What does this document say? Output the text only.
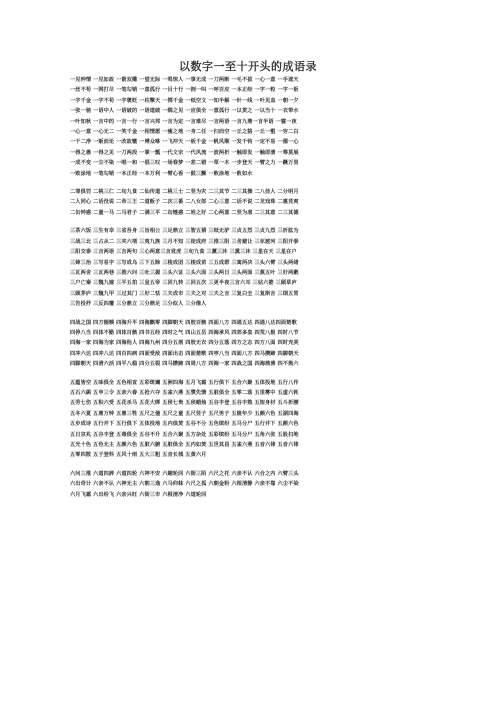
以数字一至十开头的成语录
一见钟情 一见如故 一箭双雕 一望无际 一鸣惊人 一事无成 一刀两断 一毛不拔 一心一意 一手遮天
一丝不苟 一网打尽 一笔勾销 一意孤行 一目十行 一拥一叫 一呼百应 一本正经 一字一粒 一字一板
一字千金 一字不苟 一字褒贬 一柱擎天 一掷千金 一纸空文 一知半解 一针一线 一叶见血 一朝一夕
一张一驰 一语中人 一语破的 一语道破 一隅之见 一应俱全 一意孤行 一以贯之 一以当十 一衣带水
一叶知秋 一言中的 一言一行 一言兴邦 一言为定 一言难尽 一言两语 一言九鼎一言半语 一霎一夜
一心一意 一心无二 一笑千金 一相情愿 一瘦之地 一身二任 一扫而空 一丘之貉 一丘一壑 一穷二白
一干二净 一贩而论 一改故辙 一傅众咻 一飞冲天 一板千金 一帆风顺 一发千钧 一定不易 一德一心
一得之愚 一得之见 一刀两段 一掌一瓢 一代文宗 一代风流 一波两折 一触即发 一触即溃 一筹莫展
一成不变 一尘不染 一唱一和 一倡三叹 一场春梦 一差二错 一草一木 一步登天 一臂之力 一蹶万里
一败涂地 一笔勾销 一本正经 一本万利 一臂心香 一鼓三颤 一败涂地 一败如水
二罪俱罚 二桃三仁 二旬九食 二仙传道 二桃三士 二竖为灾 二三其节 二三其操 二八佳人 二分明月
二人同心 二话没说 二帝三王 二道贩子 二次三番 二八女郎 二心三意 二话不说 二龙戏珠 二惠竞爽
二缶钟惑 二童一马 二马君子 二满三平 二缶锺惑 二姓之好 二心两意 二竖为虐 二三其意 二三其德
三茶六饭 三生有幸 三省吾身 三旨相公 三足鼎立 三智五猜 三纸无驴 三贞五烈 三贞九烈 三折肱为
三战三北 三占从二 三夹六堵 三夷九族 三月不知 三徙成府 三推三阻 三舍避让 三豕渡河 三阳开泰
三阳交泰 三言两语 三言两句 三心两意三言讹虎 三旬九食 三薰三沐 三熏三沐 三星在天 三星在户
三婶三治 三写易字 三写成乌 三下五除 三梭成团 三梭成苗 三五成群 三寓两决 三头六臂 三头两绪
三瓦两舍 三瓦两巷 三推六问 三吐三握 三头六证 三头六面 三头两日 三头两面 三蕉五叶 三好两歉
三户亡秦 三魏九嫁 三平五拍 三皇五帝 三回九转 三回五次 三更半夜三言六耳 三姑六婆 三顾草庐
三顾茅庐 三魏九甲 三过其门 三好二怯 三夫成市 三夫之对 三夫之言 三复白圭 三复斯言 三纲五常
三告投杼 三反四覆 三分鼎立 三分鼎足 三分似人 三分像人
四战之国 四方辐辏 四海升平 四海飘零 四脚朝天 四肢百骸 四面八方 四通五达 四通八达四面楚歌
四停八当 四体不勤 四体百骸 四书五经 四时之气 四山五岳 四海承风 四郊多垒 四荒八极 四时八节
四海一家 四海为家 四海他人 四海九州 四分五剖 四肢无衣 四分五落 四方之志 四方八面 四时充美
四冲六达 四冲八达 四百四病 四面受敌 四面出击 四面楚歌 四亭八当 四面八方 四马攒蹄 四脚朝天
四脚朝天 四清六活 四平八稳 四分五裂 四马攒蹄 四周八方 四海一家 四战之国 四海鼎沸 四不拗六
五蕴皆空 五味俱全 五色相宣 五彩斑斓 五洲四海 五月飞霜 五行俱下 五合六聚 五体投地 五行八作
五石六鹢 五申三令 五亲六眷 五抢六夺 五雀六燕 五漿先馈 五脏俱全 五零二落 五里雾中 五虚六耗
五劳七伤 五积六受 五花杀马 五花大绑 五侯七贵 五侯蜡烛 五谷丰登 五谷丰熟 五短身材 五斗折腰
五冬六夏 五鼎万钟 五鼎三牲 五尺之僮 五尺之童 五尺竖子 五尺男子 五陵年少 五颜六色 五湖四海
五步成诗 五行并下 五行俱下 五体投地 五内俱焚 五谷不分 五色缤纷 五马分尸 五行并下 五颜六色
五日京兆 五谷丰登 五毒俱全 五谷不升 五合六聚 五方杂处 五彩缤纷 五马分尸 五角六张 五股扫地
五光十色 五色无主 五颜六色 五脏六腑 五脏俱全 五内如焚 五世其昌 五雀六燕 五音六律 五音六律
五零四散 五子登科 五风十雨 五大三粗 五音长城 五黄六月
六问三推 六道四辞 六道四轮 六神不安 六趣轮回 六街三陌 六尺之托 六亲不认 六合之内 六臂三头
六出奇计 六亲不认 六神无主 六朝三逸 六马仰秣 六尺之孤 六朝金粉 六根清静 六亲不靠 六尘不染
六月飞霜 六出纷飞 六亲兴旺 六街三市 六根清净 六道轮回
